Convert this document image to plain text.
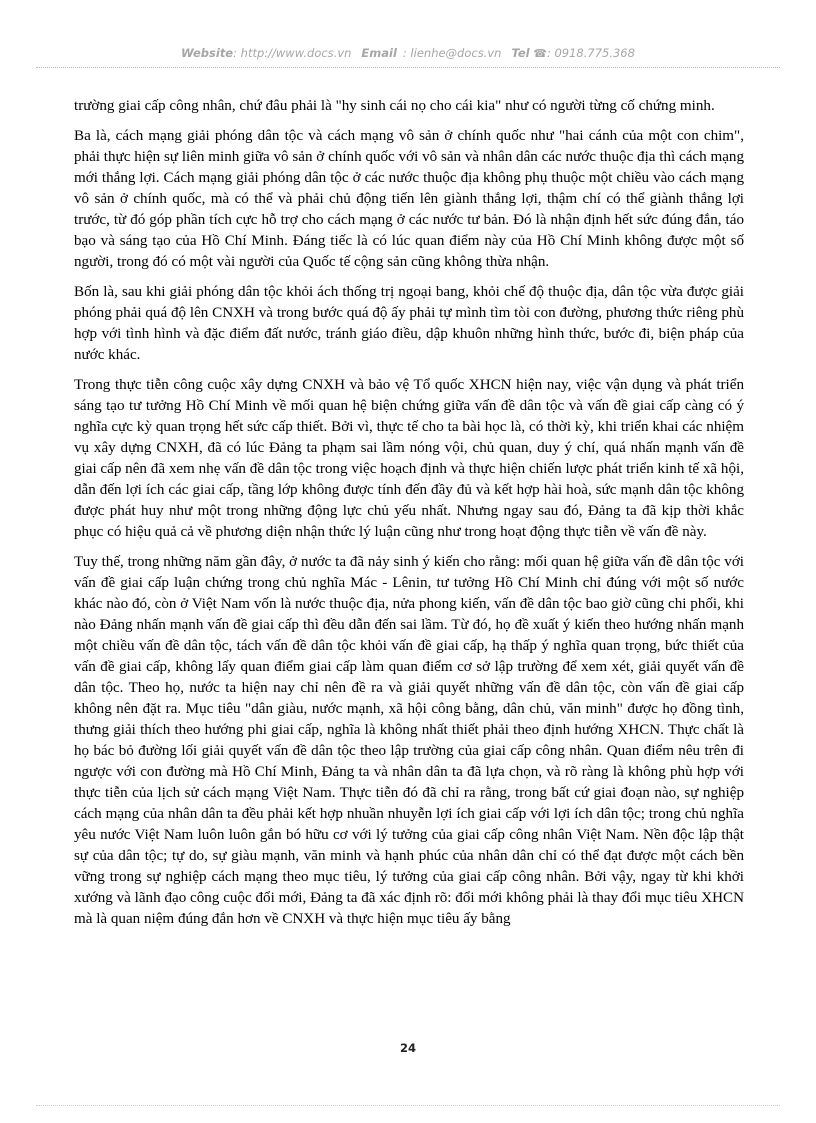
Website: http://www.docs.vn Email : lienhe@docs.vn Tel ☎: 0918.775.368

trường giai cấp công nhân, chứ đâu phải là "hy sinh cái nọ cho cái kia" như có người từng cố chứng minh.

Ba là, cách mạng giải phóng dân tộc và cách mạng vô sản ở chính quốc như "hai cánh của một con chim", phải thực hiện sự liên minh giữa vô sản ở chính quốc với vô sản và nhân dân các nước thuộc địa thì cách mạng mới thắng lợi. Cách mạng giải phóng dân tộc ở các nước thuộc địa không phụ thuộc một chiều vào cách mạng vô sản ở chính quốc, mà có thể và phải chủ động tiến lên giành thắng lợi, thậm chí có thể giành thắng lợi trước, từ đó góp phần tích cực hỗ trợ cho cách mạng ở các nước tư bản. Đó là nhận định hết sức đúng đắn, táo bạo và sáng tạo của Hồ Chí Minh. Đáng tiếc là có lúc quan điểm này của Hồ Chí Minh không được một số người, trong đó có một vài người của Quốc tế cộng sản cũng không thừa nhận.

Bốn là, sau khi giải phóng dân tộc khỏi ách thống trị ngoại bang, khỏi chế độ thuộc địa, dân tộc vừa được giải phóng phải quá độ lên CNXH và trong bước quá độ ấy phải tự mình tìm tòi con đường, phương thức riêng phù hợp với tình hình và đặc điểm đất nước, tránh giáo điều, dập khuôn những hình thức, bước đi, biện pháp của nước khác.

Trong thực tiễn công cuộc xây dựng CNXH và bảo vệ Tổ quốc XHCN hiện nay, việc vận dụng và phát triển sáng tạo tư tưởng Hồ Chí Minh về mối quan hệ biện chứng giữa vấn đề dân tộc và vấn đề giai cấp càng có ý nghĩa cực kỳ quan trọng hết sức cấp thiết. Bởi vì, thực tế cho ta bài học là, có thời kỳ, khi triển khai các nhiệm vụ xây dựng CNXH, đã có lúc Đảng ta phạm sai lầm nóng vội, chủ quan, duy ý chí, quá nhấn mạnh vấn đề giai cấp nên đã xem nhẹ vấn đề dân tộc trong việc hoạch định và thực hiện chiến lược phát triển kinh tế xã hội, dẫn đến lợi ích các giai cấp, tầng lớp không được tính đến đầy đủ và kết hợp hài hoà, sức mạnh dân tộc không được phát huy như một trong những động lực chủ yếu nhất. Nhưng ngay sau đó, Đảng ta đã kịp thời khắc phục có hiệu quả cả về phương diện nhận thức lý luận cũng như trong hoạt động thực tiễn về vấn đề này.

Tuy thế, trong những năm gần đây, ở nước ta đã nảy sinh ý kiến cho rằng: mối quan hệ giữa vấn đề dân tộc với vấn đề giai cấp luận chứng trong chủ nghĩa Mác - Lênin, tư tưởng Hồ Chí Minh chỉ đúng với một số nước khác nào đó, còn ở Việt Nam vốn là nước thuộc địa, nửa phong kiến, vấn đề dân tộc bao giờ cũng chi phối, khi nào Đảng nhấn mạnh vấn đề giai cấp thì đều dẫn đến sai lầm. Từ đó, họ đề xuất ý kiến theo hướng nhấn mạnh một chiều vấn đề dân tộc, tách vấn đề dân tộc khỏi vấn đề giai cấp, hạ thấp ý nghĩa quan trọng, bức thiết của vấn đề giai cấp, không lấy quan điểm giai cấp làm quan điểm cơ sở lập trường để xem xét, giải quyết vấn đề dân tộc. Theo họ, nước ta hiện nay chỉ nên đề ra và giải quyết những vấn đề dân tộc, còn vấn đề giai cấp không nên đặt ra. Mục tiêu "dân giàu, nước mạnh, xã hội công bằng, dân chủ, văn minh" được họ đồng tình, thưng giải thích theo hướng phi giai cấp, nghĩa là không nhất thiết phải theo định hướng XHCN. Thực chất là họ bác bỏ đường lối giải quyết vấn đề dân tộc theo lập trường của giai cấp công nhân. Quan điểm nêu trên đi ngược với con đường mà Hồ Chí Minh, Đảng ta và nhân dân ta đã lựa chọn, và rõ ràng là không phù hợp với thực tiễn của lịch sử cách mạng Việt Nam. Thực tiễn đó đã chỉ ra rằng, trong bất cứ giai đoạn nào, sự nghiệp cách mạng của nhân dân ta đều phải kết hợp nhuần nhuyễn lợi ích giai cấp với lợi ích dân tộc; trong chủ nghĩa yêu nước Việt Nam luôn luôn gắn bó hữu cơ với lý tưởng của giai cấp công nhân Việt Nam. Nền độc lập thật sự của dân tộc; tự do, sự giàu mạnh, văn minh và hạnh phúc của nhân dân chỉ có thể đạt được một cách bền vững trong sự nghiệp cách mạng theo mục tiêu, lý tưởng của giai cấp công nhân. Bởi vậy, ngay từ khi khởi xướng và lãnh đạo công cuộc đổi mới, Đảng ta đã xác định rõ: đổi mới không phải là thay đổi mục tiêu XHCN mà là quan niệm đúng đắn hơn về CNXH và thực hiện mục tiêu ấy bằng

24
